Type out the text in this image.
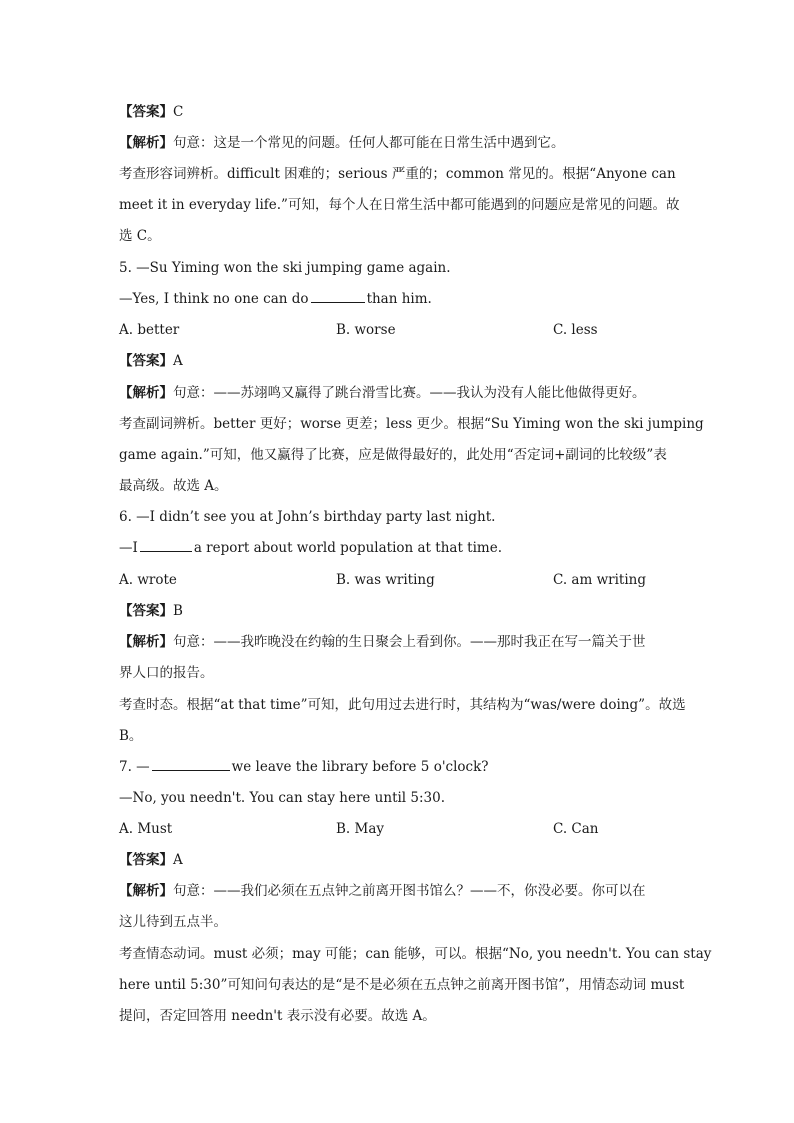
【答案】C
【解析】句意：这是一个常见的问题。任何人都可能在日常生活中遇到它。
考查形容词辨析。difficult 困难的；serious 严重的；common 常见的。根据“Anyone can
meet it in everyday life.”可知，每个人在日常生活中都可能遇到的问题应是常见的问题。故
选 C。
5. —Su Yiming won the ski jumping game again.
—Yes, I think no one can do	than him.
A. better	B. worse	C. less
【答案】A
【解析】句意：——苏翊鸣又赢得了跳台滑雪比赛。——我认为没有人能比他做得更好。
考查副词辨析。better 更好；worse 更差；less 更少。根据“Su Yiming won the ski jumping
game again.”可知，他又赢得了比赛，应是做得最好的，此处用“否定词+副词的比较级”表
最高级。故选 A。
6. —I didn’t see you at John’s birthday party last night.
—I	a report about world population at that time.
A. wrote	B. was writing	C. am writing
【答案】B
【解析】句意：——我昨晚没在约翰的生日聚会上看到你。——那时我正在写一篇关于世
界人口的报告。
考查时态。根据“at that time”可知，此句用过去进行时，其结构为“was/were doing”。故选
B。
7. —	we leave the library before 5 o'clock?
—No, you needn't. You can stay here until 5:30.
A. Must	B. May	C. Can
【答案】A
【解析】句意：——我们必须在五点钟之前离开图书馆么？——不，你没必要。你可以在
这儿待到五点半。
考查情态动词。must 必须；may 可能；can 能够，可以。根据“No, you needn't. You can stay
here until 5:30”可知问句表达的是“是不是必须在五点钟之前离开图书馆”，用情态动词 must
提问，否定回答用 needn't 表示没有必要。故选 A。
